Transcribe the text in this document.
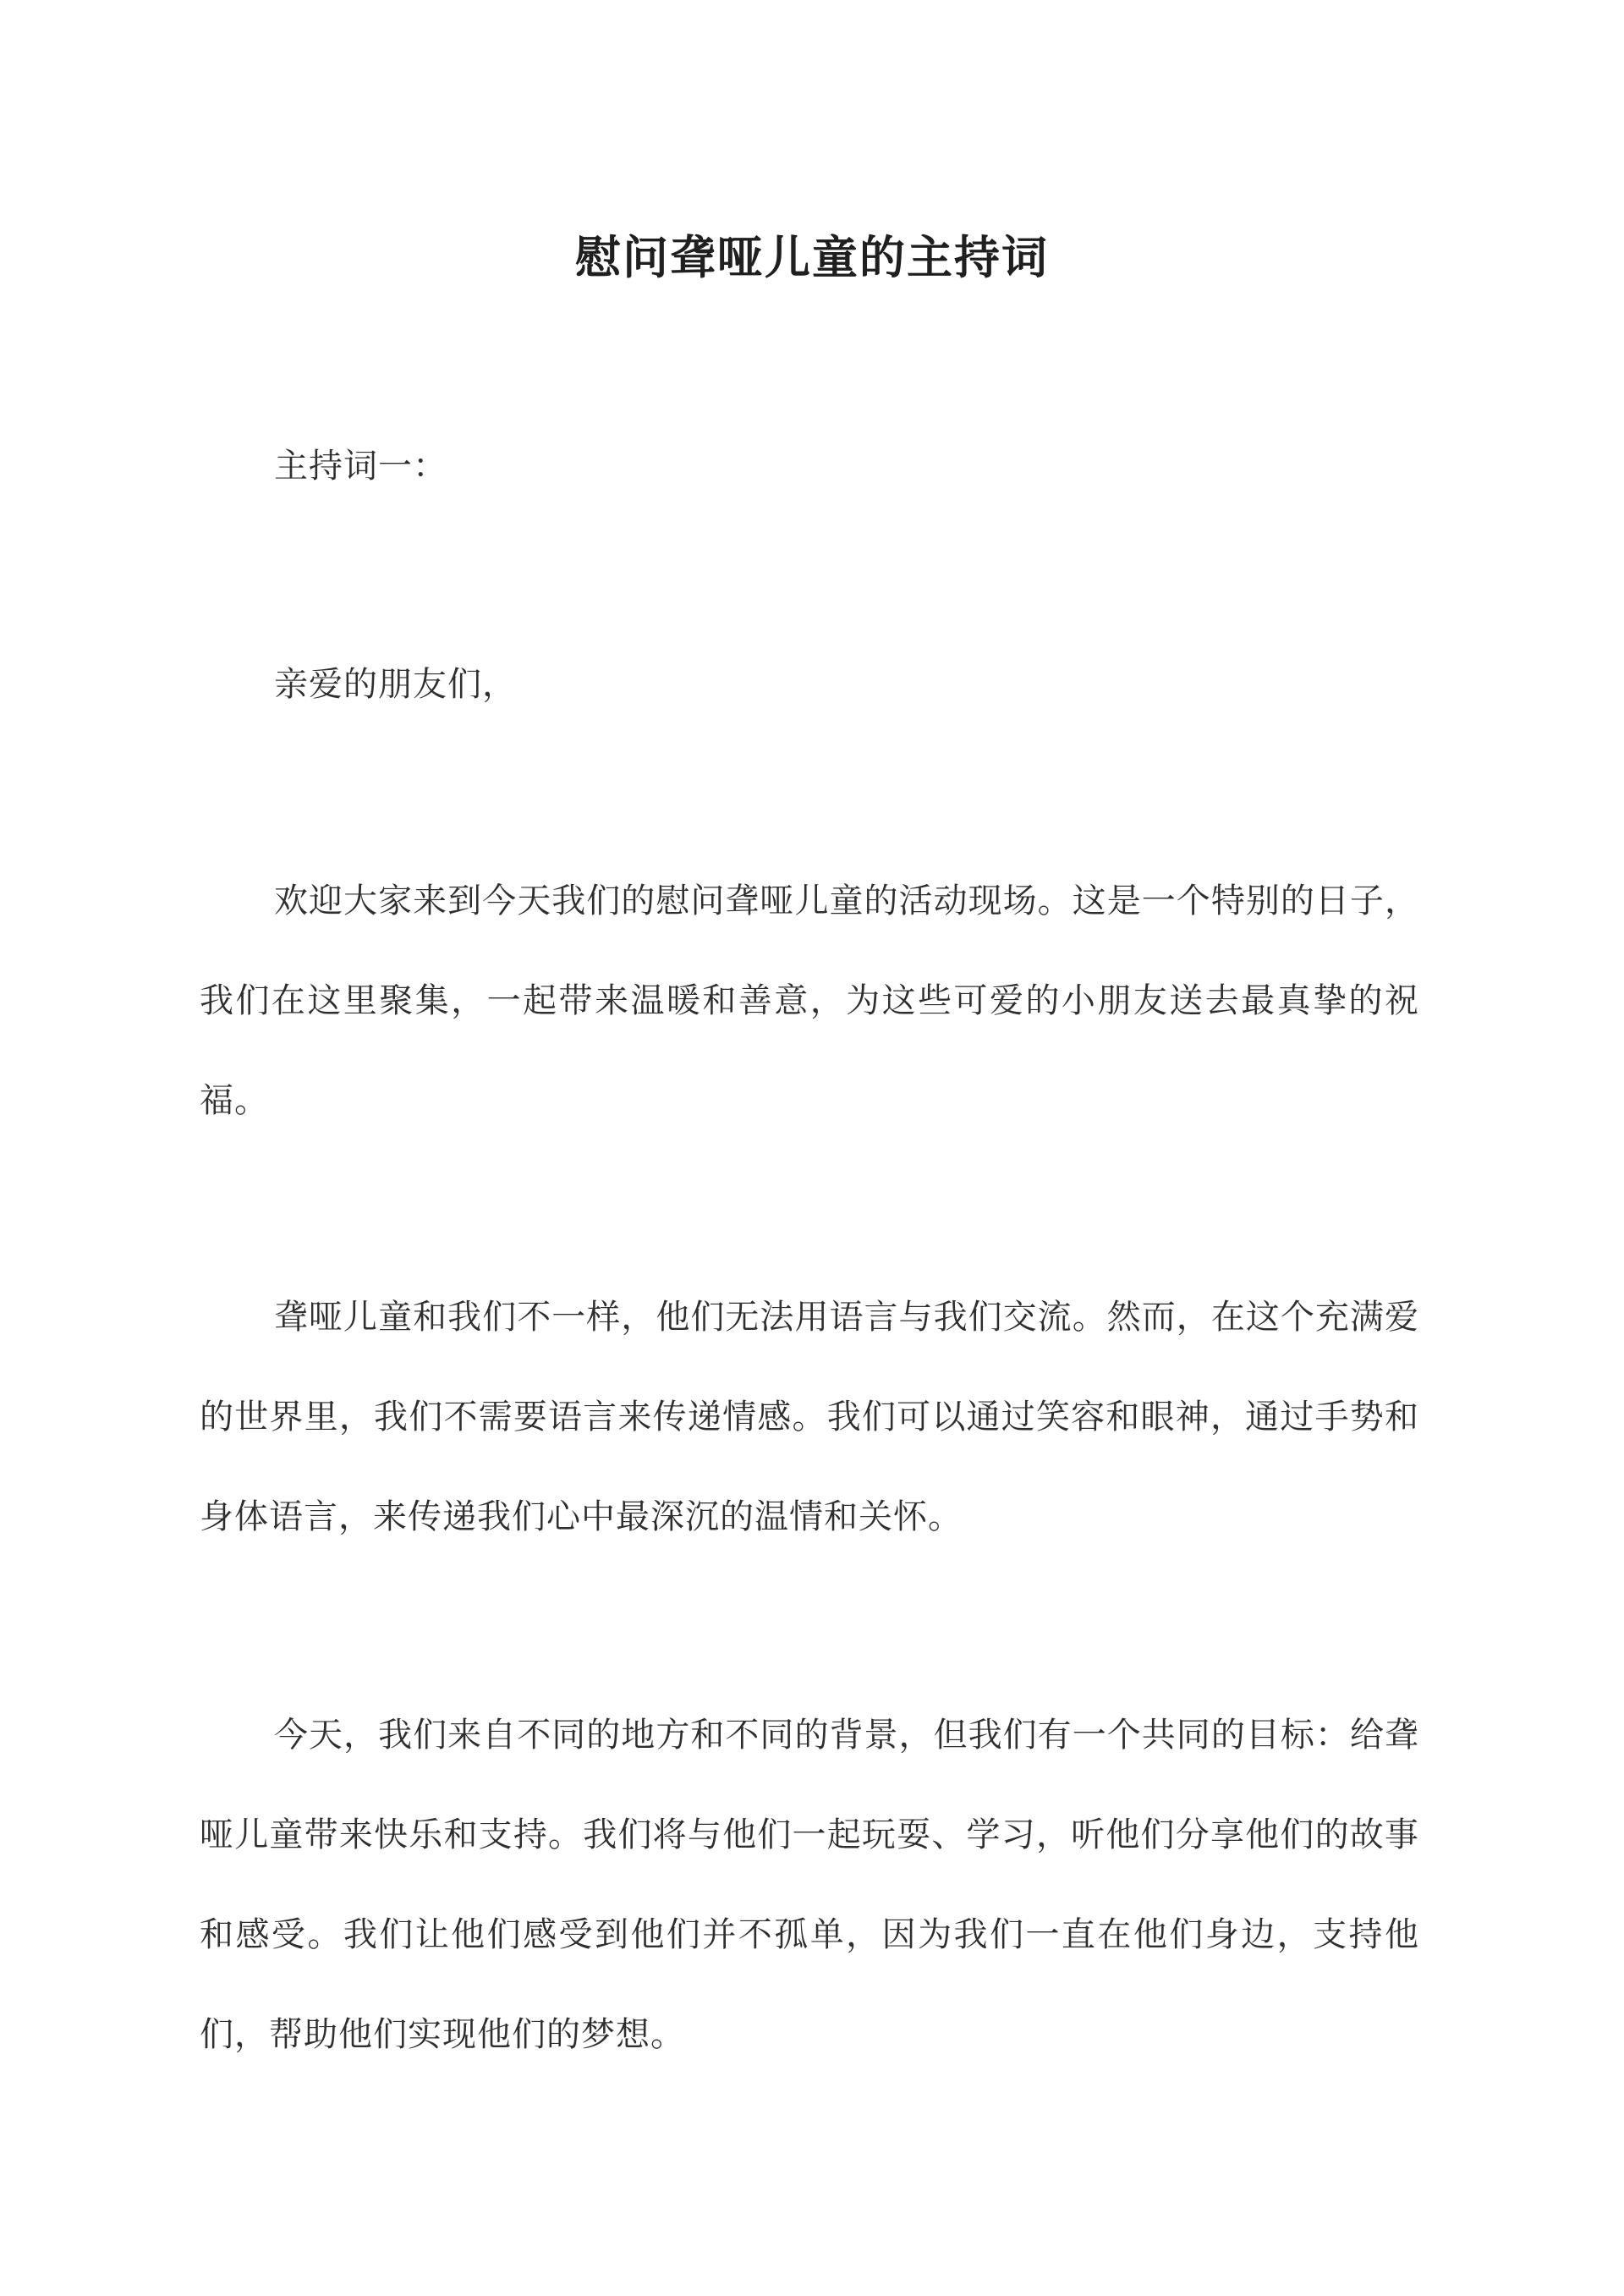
慰问聋哑儿童的主持词

主持词一：

亲爱的朋友们，

欢迎大家来到今天我们的慰问聋哑儿童的活动现场。这是一个特别的日子，我们在这里聚集，一起带来温暖和善意，为这些可爱的小朋友送去最真挚的祝福。

聋哑儿童和我们不一样，他们无法用语言与我们交流。然而，在这个充满爱的世界里，我们不需要语言来传递情感。我们可以通过笑容和眼神，通过手势和身体语言，来传递我们心中最深沉的温情和关怀。

今天，我们来自不同的地方和不同的背景，但我们有一个共同的目标：给聋哑儿童带来快乐和支持。我们将与他们一起玩耍、学习，听他们分享他们的故事和感受。我们让他们感受到他们并不孤单，因为我们一直在他们身边，支持他们，帮助他们实现他们的梦想。
